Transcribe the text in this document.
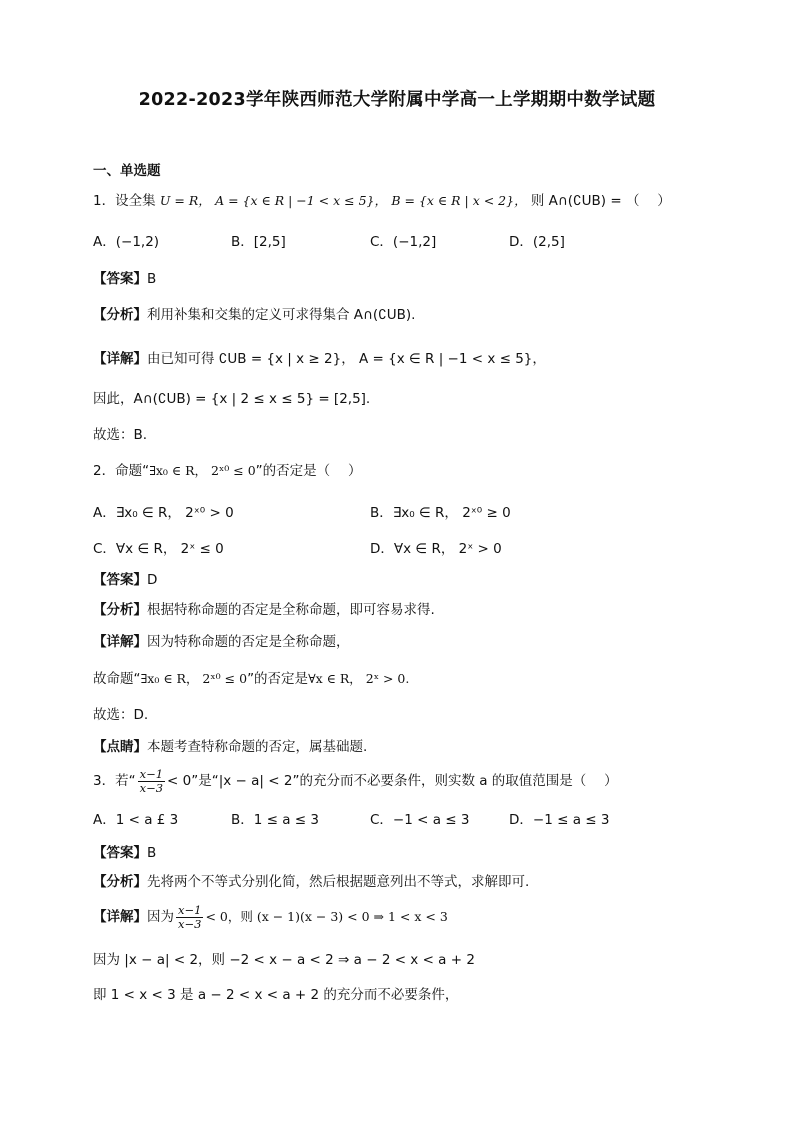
2022-2023学年陕西师范大学附属中学高一上学期期中数学试题
一、单选题
1．设全集 U = R， A = {x ∈ R | −1 < x ≤ 5}， B = {x ∈ R | x < 2}， 则 A∩(∁UB) = （　 ）
A．(−1,2)	B．[2,5]	C．(−1,2]	D．(2,5]
【答案】B
【分析】利用补集和交集的定义可求得集合 A∩(∁UB).
【详解】由已知可得 ∁UB = {x | x ≥ 2}， A = {x ∈ R | −1 < x ≤ 5}，
因此，A∩(∁UB) = {x | 2 ≤ x ≤ 5} = [2,5].
故选：B.
2．命题“∃x₀ ∈ R， 2ˣ⁰ ≤ 0”的否定是（　 ）
A．∃x₀ ∈ R， 2ˣ⁰ > 0	B．∃x₀ ∈ R， 2ˣ⁰ ≥ 0
C．∀x ∈ R， 2ˣ ≤ 0	D．∀x ∈ R， 2ˣ > 0
【答案】D
【分析】根据特称命题的否定是全称命题，即可容易求得.
【详解】因为特称命题的否定是全称命题，
故命题“∃x₀ ∈ R， 2ˣ⁰ ≤ 0”的否定是∀x ∈ R， 2ˣ > 0.
故选：D.
【点睛】本题考查特称命题的否定，属基础题.
3．若“ $\frac{x-1}{x-3} < 0$”是“|x − a| < 2”的充分而不必要条件，则实数 a 的取值范围是（　 ）
A．1 < a £ 3	B．1 ≤ a ≤ 3	C．−1 < a ≤ 3	D．−1 ≤ a ≤ 3
【答案】B
【分析】先将两个不等式分别化简，然后根据题意列出不等式，求解即可.
【详解】因为 $\frac{x-1}{x-3} < 0$，则 (x − 1)(x − 3) < 0 ⇒ 1 < x < 3
因为 |x − a| < 2，则 −2 < x − a < 2 ⇒ a − 2 < x < a + 2
即 1 < x < 3 是 a − 2 < x < a + 2 的充分而不必要条件，
